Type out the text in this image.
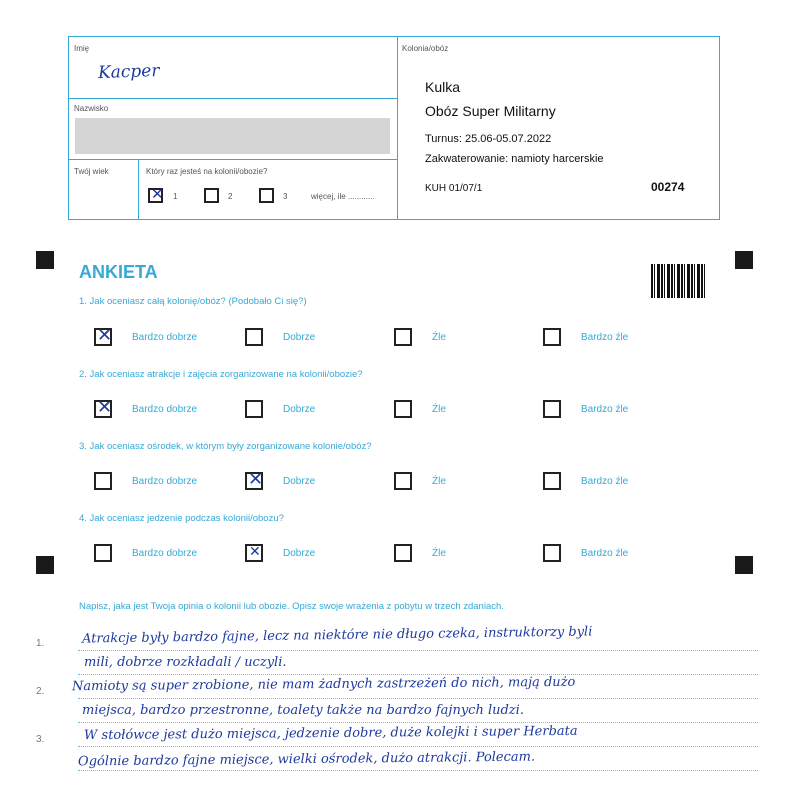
Imię
Kacper
Nazwisko
Twój wiek	Który raz jesteś na kolonii/obozie?
✕ 1	2	3	więcej, ile ............
Kolonia/obóz
Kulka
Obóz Super Militarny
Turnus: 25.06-05.07.2022
Zakwaterowanie: namioty harcerskie
KUH 01/07/1	00274
ANKIETA
1. Jak oceniasz całą kolonię/obóz? (Podobało Ci się?)
✕ Bardzo dobrze	Dobrze	Źle	Bardzo źle
2. Jak oceniasz atrakcje i zajęcia zorganizowane na kolonii/obozie?
✕ Bardzo dobrze	Dobrze	Źle	Bardzo źle
3. Jak oceniasz ośrodek, w którym były zorganizowane kolonie/obóz?
Bardzo dobrze	✕ Dobrze	Źle	Bardzo źle
4. Jak oceniasz jedzenie podczas kolonii/obozu?
Bardzo dobrze	✕ Dobrze	Źle	Bardzo źle
Napisz, jaka jest Twoja opinia o kolonii lub obozie. Opisz swoje wrażenia z pobytu w trzech zdaniach.
1.
2.
3.
Atrakcje były bardzo fajne, lecz na niektóre nie długo czeka, instruktorzy byli
mili, dobrze rozkładali / uczyli.
Namioty są super zrobione, nie mam żadnych zastrzeżeń do nich, mają dużo
miejsca, bardzo przestronne, toalety także na bardzo fajnych ludzi.
W stołówce jest dużo miejsca, jedzenie dobre, duże kolejki i super Herbata
Ogólnie bardzo fajne miejsce, wielki ośrodek, dużo atrakcji. Polecam.
